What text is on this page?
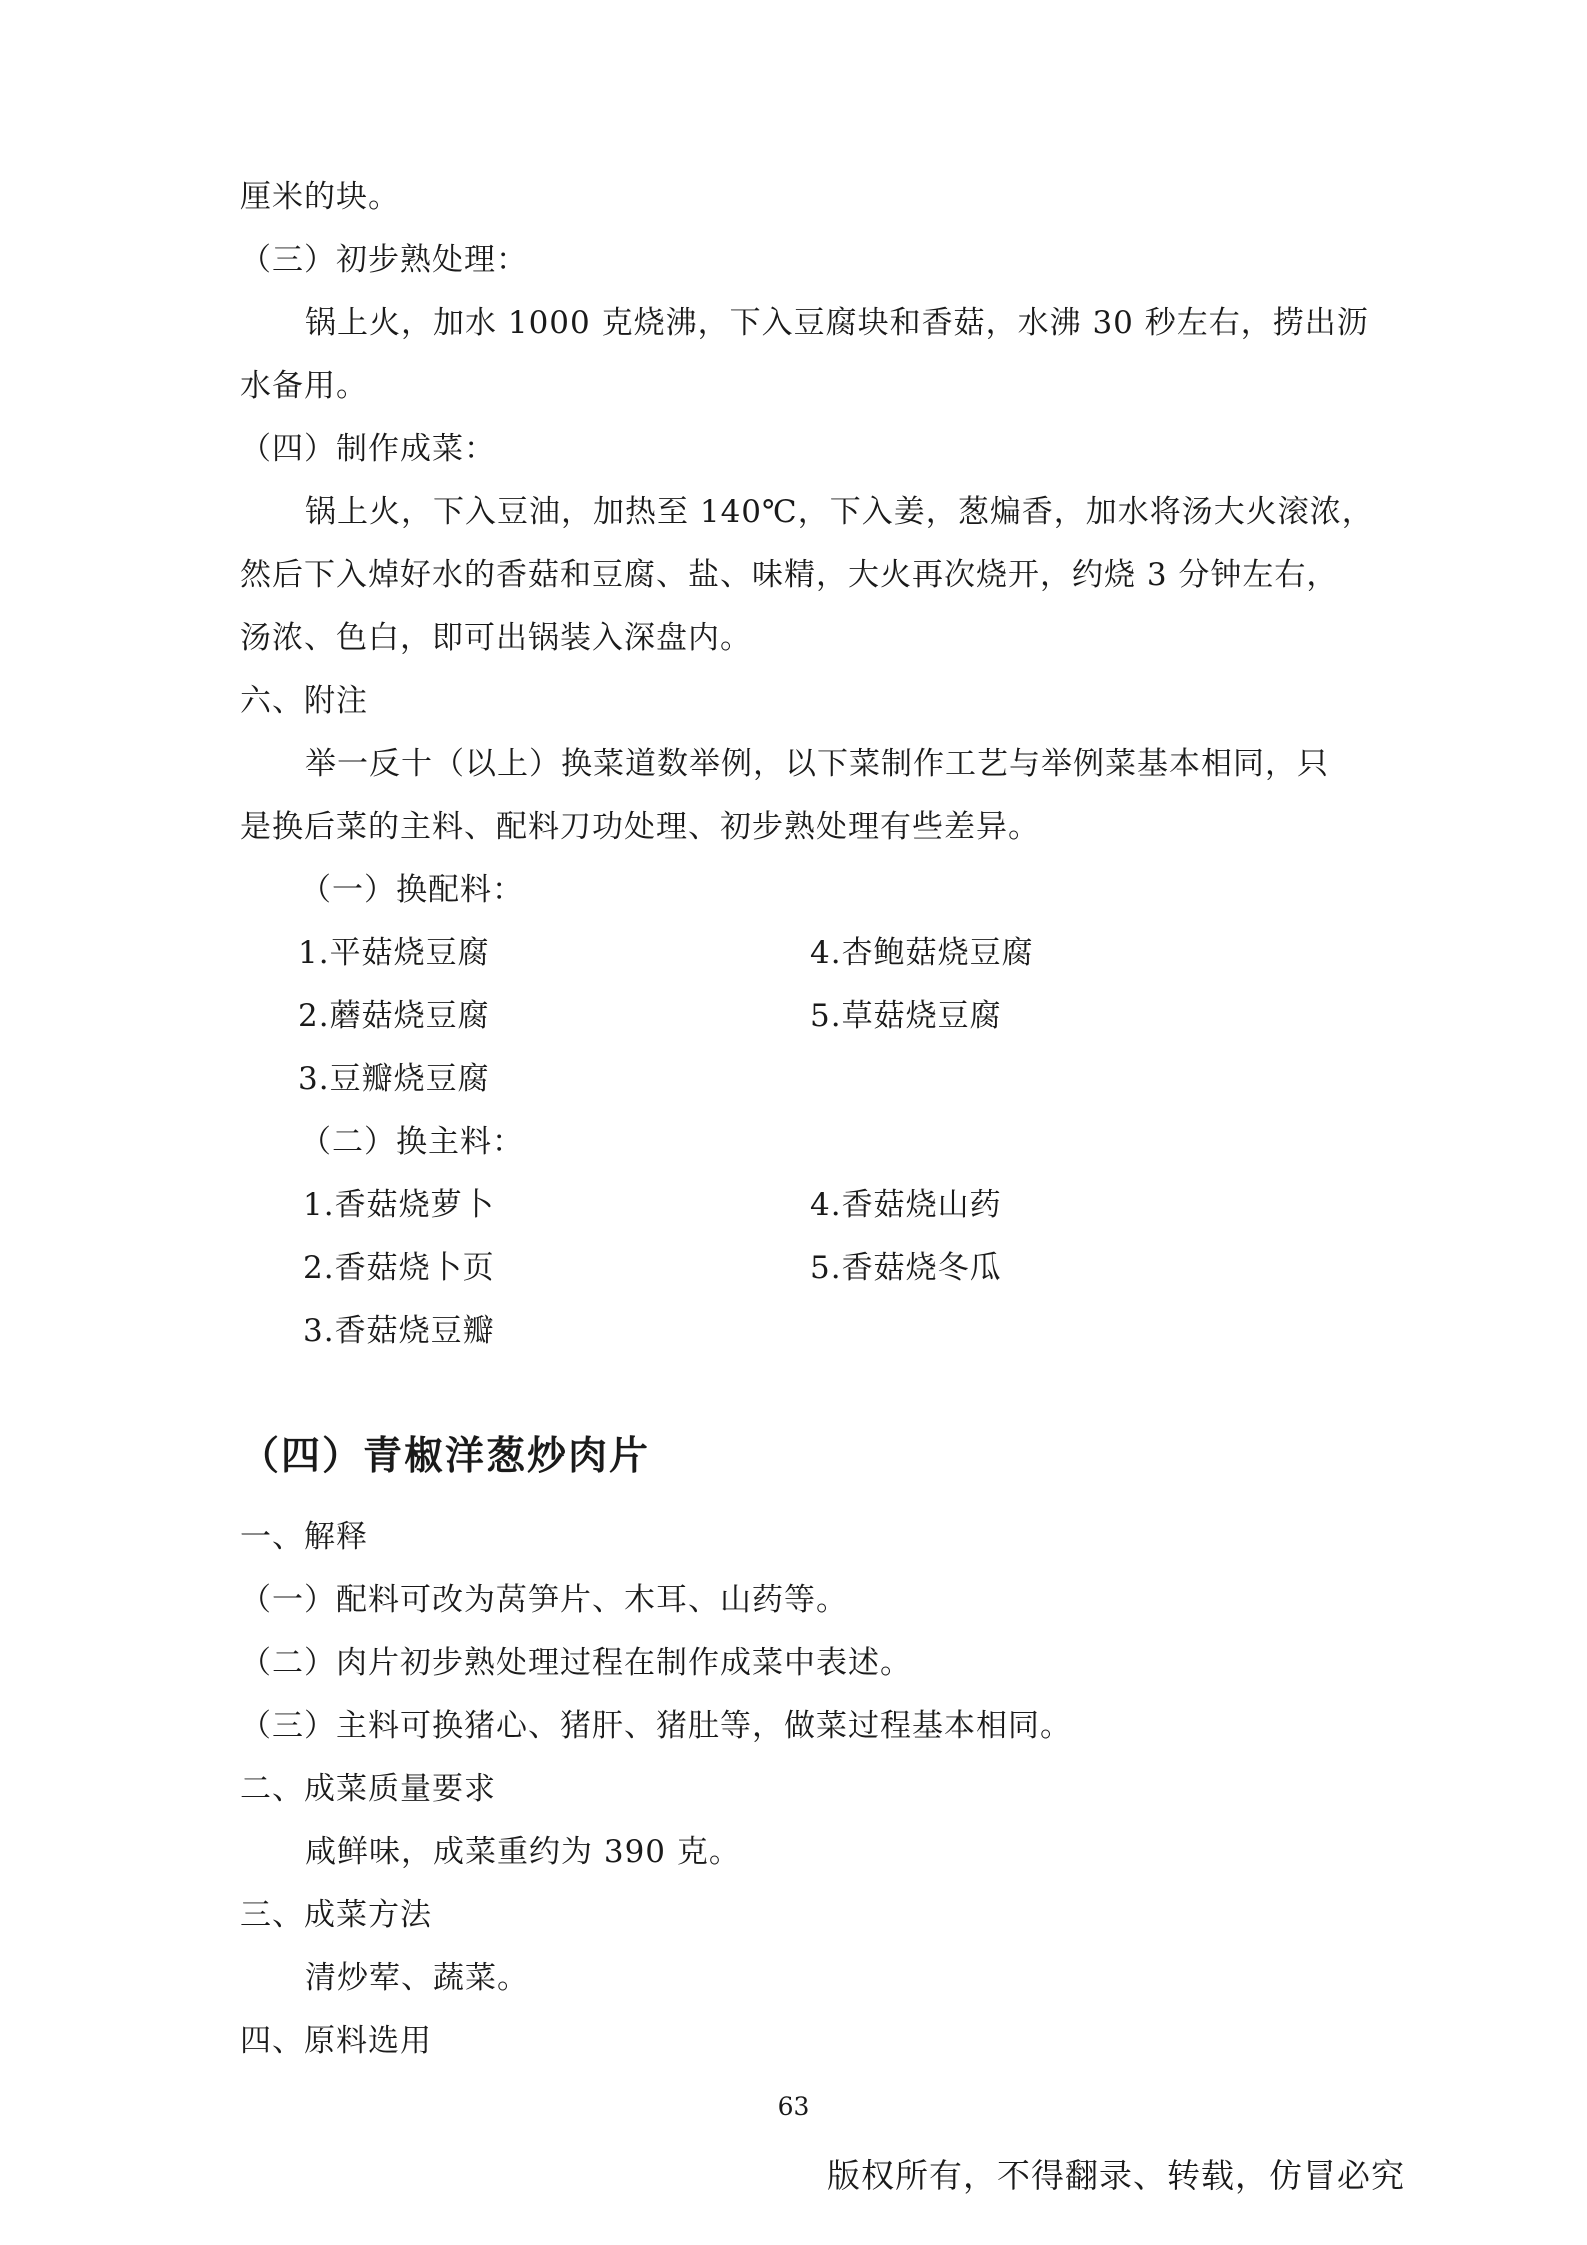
厘米的块。
（三）初步熟处理：
锅上火，加水 1000 克烧沸，下入豆腐块和香菇，水沸 30 秒左右，捞出沥
水备用。
（四）制作成菜：
锅上火，下入豆油，加热至 140℃，下入姜，葱煸香，加水将汤大火滚浓，
然后下入焯好水的香菇和豆腐、盐、味精，大火再次烧开，约烧 3 分钟左右，
汤浓、色白，即可出锅装入深盘内。
六、附注
举一反十（以上）换菜道数举例，以下菜制作工艺与举例菜基本相同，只
是换后菜的主料、配料刀功处理、初步熟处理有些差异。
（一）换配料：
1.平菇烧豆腐	4.杏鲍菇烧豆腐
2.蘑菇烧豆腐	5.草菇烧豆腐
3.豆瓣烧豆腐
（二）换主料：
1.香菇烧萝卜	4.香菇烧山药
2.香菇烧卜页	5.香菇烧冬瓜
3.香菇烧豆瓣
（四）青椒洋葱炒肉片
一、解释
（一）配料可改为莴笋片、木耳、山药等。
（二）肉片初步熟处理过程在制作成菜中表述。
（三）主料可换猪心、猪肝、猪肚等，做菜过程基本相同。
二、成菜质量要求
咸鲜味，成菜重约为 390 克。
三、成菜方法
清炒荤、蔬菜。
四、原料选用
63
版权所有，不得翻录、转载，仿冒必究
